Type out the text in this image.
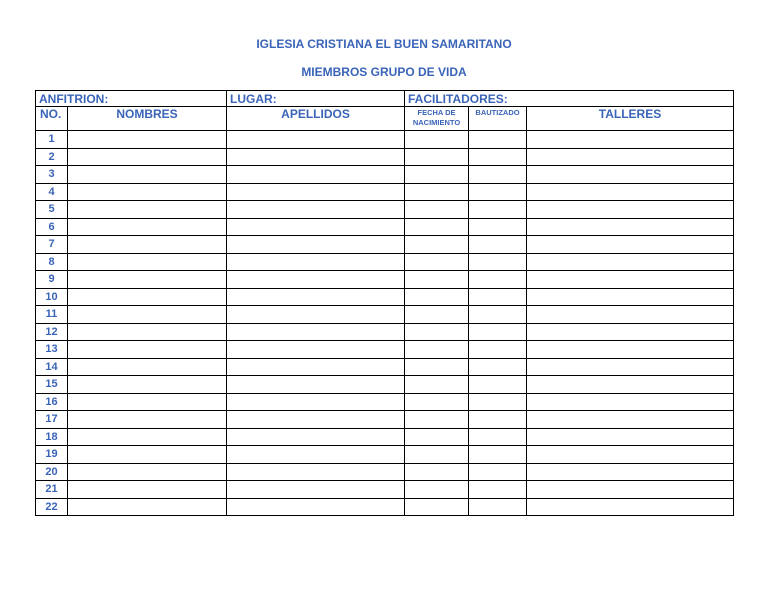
IGLESIA CRISTIANA EL BUEN SAMARITANO
MIEMBROS GRUPO DE VIDA
ANFITRION:		LUGAR:	FACILITADORES:		
NO.	NOMBRES	APELLIDOS	FECHA DE NACIMIENTO	BAUTIZADO	TALLERES
1					
2					
3					
4					
5					
6					
7					
8					
9					
10					
11					
12					
13					
14					
15					
16					
17					
18					
19					
20					
21					
22					
